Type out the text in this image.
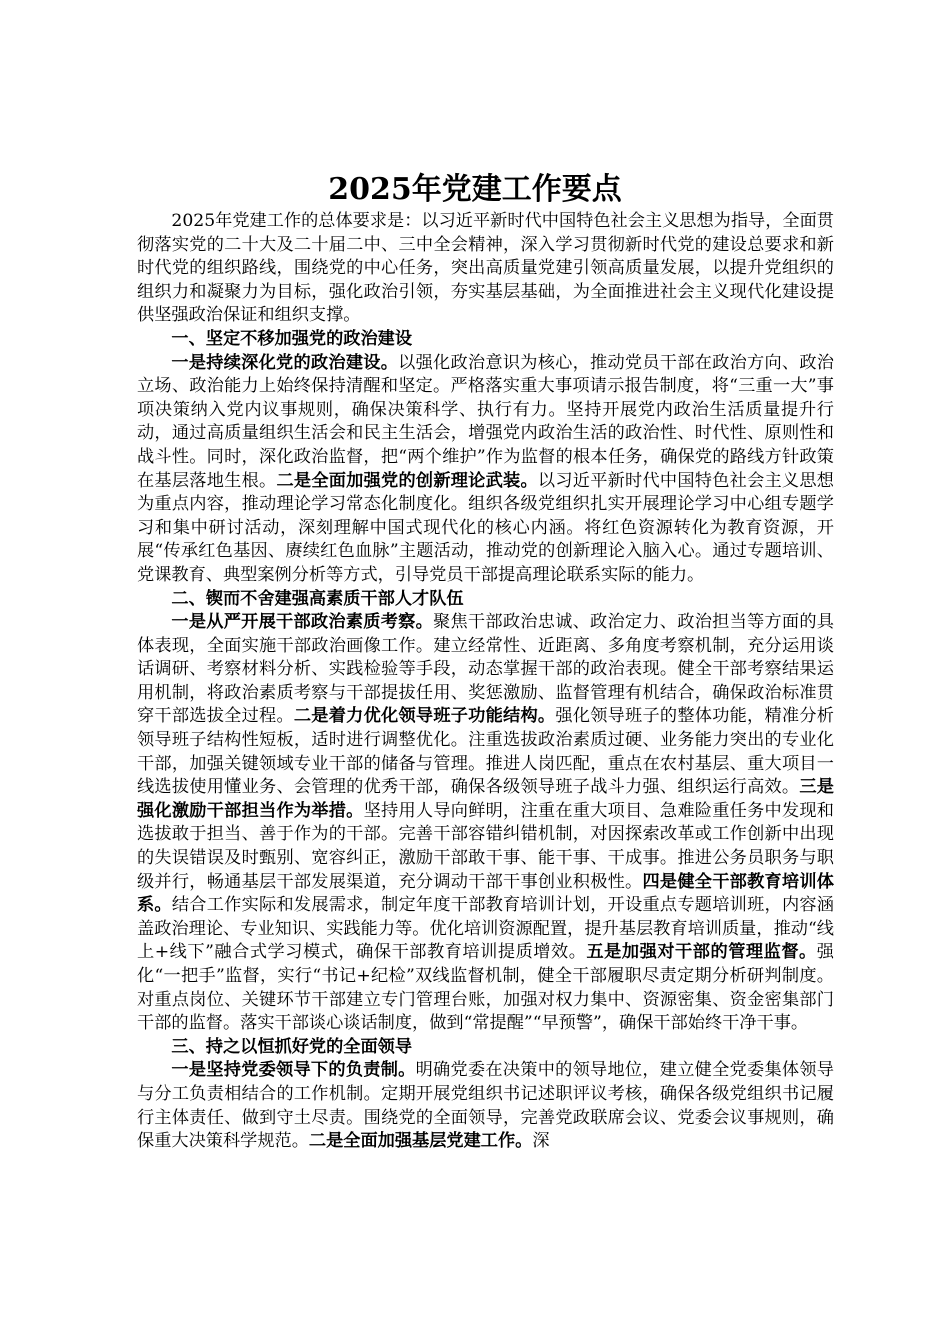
2025年党建工作要点

2025年党建工作的总体要求是：以习近平新时代中国特色社会主义思想为指导，全面贯彻落实党的二十大及二十届二中、三中全会精神，深入学习贯彻新时代党的建设总要求和新时代党的组织路线，围绕党的中心任务，突出高质量党建引领高质量发展，以提升党组织的组织力和凝聚力为目标，强化政治引领，夯实基层基础，为全面推进社会主义现代化建设提供坚强政治保证和组织支撑。

一、坚定不移加强党的政治建设

一是持续深化党的政治建设。以强化政治意识为核心，推动党员干部在政治方向、政治立场、政治能力上始终保持清醒和坚定。严格落实重大事项请示报告制度，将“三重一大”事项决策纳入党内议事规则，确保决策科学、执行有力。坚持开展党内政治生活质量提升行动，通过高质量组织生活会和民主生活会，增强党内政治生活的政治性、时代性、原则性和战斗性。同时，深化政治监督，把“两个维护”作为监督的根本任务，确保党的路线方针政策在基层落地生根。二是全面加强党的创新理论武装。以习近平新时代中国特色社会主义思想为重点内容，推动理论学习常态化制度化。组织各级党组织扎实开展理论学习中心组专题学习和集中研讨活动，深刻理解中国式现代化的核心内涵。将红色资源转化为教育资源，开展“传承红色基因、赓续红色血脉”主题活动，推动党的创新理论入脑入心。通过专题培训、党课教育、典型案例分析等方式，引导党员干部提高理论联系实际的能力。

二、锲而不舍建强高素质干部人才队伍

一是从严开展干部政治素质考察。聚焦干部政治忠诚、政治定力、政治担当等方面的具体表现，全面实施干部政治画像工作。建立经常性、近距离、多角度考察机制，充分运用谈话调研、考察材料分析、实践检验等手段，动态掌握干部的政治表现。健全干部考察结果运用机制，将政治素质考察与干部提拔任用、奖惩激励、监督管理有机结合，确保政治标准贯穿干部选拔全过程。二是着力优化领导班子功能结构。强化领导班子的整体功能，精准分析领导班子结构性短板，适时进行调整优化。注重选拔政治素质过硬、业务能力突出的专业化干部，加强关键领域专业干部的储备与管理。推进人岗匹配，重点在农村基层、重大项目一线选拔使用懂业务、会管理的优秀干部，确保各级领导班子战斗力强、组织运行高效。三是强化激励干部担当作为举措。坚持用人导向鲜明，注重在重大项目、急难险重任务中发现和选拔敢于担当、善于作为的干部。完善干部容错纠错机制，对因探索改革或工作创新中出现的失误错误及时甄别、宽容纠正，激励干部敢干事、能干事、干成事。推进公务员职务与职级并行，畅通基层干部发展渠道，充分调动干部干事创业积极性。四是健全干部教育培训体系。结合工作实际和发展需求，制定年度干部教育培训计划，开设重点专题培训班，内容涵盖政治理论、专业知识、实践能力等。优化培训资源配置，提升基层教育培训质量，推动“线上+线下”融合式学习模式，确保干部教育培训提质增效。五是加强对干部的管理监督。强化“一把手”监督，实行“书记+纪检”双线监督机制，健全干部履职尽责定期分析研判制度。对重点岗位、关键环节干部建立专门管理台账，加强对权力集中、资源密集、资金密集部门干部的监督。落实干部谈心谈话制度，做到“常提醒”“早预警”，确保干部始终干净干事。

三、持之以恒抓好党的全面领导

一是坚持党委领导下的负责制。明确党委在决策中的领导地位，建立健全党委集体领导与分工负责相结合的工作机制。定期开展党组织书记述职评议考核，确保各级党组织书记履行主体责任、做到守土尽责。围绕党的全面领导，完善党政联席会议、党委会议事规则，确保重大决策科学规范。二是全面加强基层党建工作。深
